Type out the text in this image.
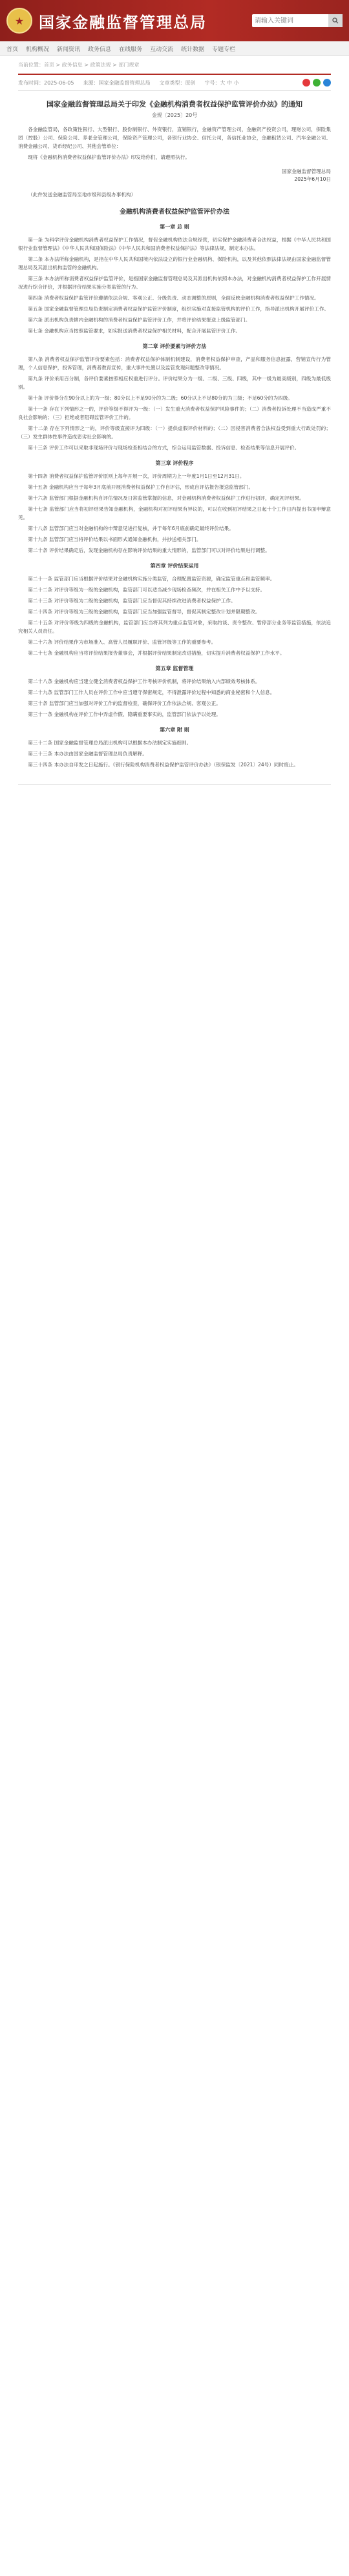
★ 国家金融监督管理总局
请输入关键词
首页 机构概况 新闻资讯 政务信息 在线服务 互动交流 统计数据 专题专栏
当前位置：首页 > 政务信息 > 政策法规 > 部门规章
发布时间：2025-06-05 来源：国家金融监督管理总局 文章类型：原创 字号：大 中 小
国家金融监督管理总局关于印发《金融机构消费者权益保护监管评价办法》的通知
金规〔2025〕20号

各金融监管局，各政策性银行、大型银行、股份制银行、外资银行，直销银行，金融资产管理公司，金融资产投资公司，理财公司，保险集团（控股）公司、保险公司、养老金管理公司，保险资产管理公司，各银行业协会、信托公司，各信托业协会，金融租赁公司、汽车金融公司、消费金融公司、货币经纪公司、其他会管单位：

现将《金融机构消费者权益保护监管评价办法》印发给你们，请遵照执行。

国家金融监督管理总局
2025年6月10日
（此件发送金融监管局至地市级和县级办事机构）
金融机构消费者权益保护监管评价办法
第一章 总 则

第一条 为科学评价金融机构消费者权益保护工作情况，督促金融机构依法合规经营，切实保护金融消费者合法权益，根据《中华人民共和国银行业监督管理法》《中华人民共和国保险法》《中华人民共和国消费者权益保护法》等法律法规，制定本办法。

第二条 本办法所称金融机构，是指在中华人民共和国境内依法设立的银行业金融机构、保险机构，以及其他依照法律法规由国家金融监督管理总局及其派出机构监管的金融机构。

第三条 本办法所称消费者权益保护监管评价，是指国家金融监督管理总局及其派出机构依照本办法，对金融机构消费者权益保护工作开展情况进行综合评价，并根据评价结果实施分类监管的行为。

第四条 消费者权益保护监管评价遵循依法合规、客观公正、分级负责、动态调整的原则，全面反映金融机构消费者权益保护工作情况。

第五条 国家金融监督管理总局负责制定消费者权益保护监管评价制度，组织实施对直接监管机构的评价工作，指导派出机构开展评价工作。

第六条 派出机构负责辖内金融机构的消费者权益保护监管评价工作，并将评价结果报送上级监管部门。

第七条 金融机构应当按照监管要求，如实报送消费者权益保护相关材料，配合开展监管评价工作。

第二章 评价要素与评价方法

第八条 消费者权益保护监管评价要素包括：消费者权益保护体制机制建设，消费者权益保护审查，产品和服务信息披露，营销宣传行为管理，个人信息保护，投诉管理，消费者教育宣传，重大事件处置以及监管发现问题整改等情况。

第九条 评价采用百分制，各评价要素按照相应权重进行评分。评价结果分为一级、二级、三级、四级，其中一级为最高级别，四级为最低级别。

第十条 评价得分在90分以上的为一级；80分以上不足90分的为二级；60分以上不足80分的为三级；不足60分的为四级。

第十一条 存在下列情形之一的，评价等级不得评为一级：（一）发生重大消费者权益保护风险事件的；（二）消费者投诉处理不当造成严重不良社会影响的；（三）拒绝或者阻碍监管评价工作的。

第十二条 存在下列情形之一的，评价等级直接评为四级：（一）提供虚假评价材料的；（二）因侵害消费者合法权益受到重大行政处罚的；（三）发生群体性事件造成恶劣社会影响的。

第十三条 评价工作可以采取非现场评价与现场检查相结合的方式，综合运用监管数据、投诉信息、检查结果等信息开展评价。

第三章 评价程序

第十四条 消费者权益保护监管评价原则上每年开展一次，评价周期为上一年度1月1日至12月31日。

第十五条 金融机构应当于每年3月底前开展消费者权益保护工作自评估，形成自评估报告报送监管部门。

第十六条 监管部门根据金融机构自评估情况及日常监管掌握的信息，对金融机构消费者权益保护工作进行初评，确定初评结果。

第十七条 监管部门应当将初评结果告知金融机构，金融机构对初评结果有异议的，可以在收到初评结果之日起十个工作日内提出书面申辩意见。

第十八条 监管部门应当对金融机构的申辩意见进行复核，并于每年6月底前确定最终评价结果。

第十九条 监管部门应当将评价结果以书面形式通知金融机构，并抄送相关部门。

第二十条 评价结果确定后，发现金融机构存在影响评价结果的重大情形的，监管部门可以对评价结果进行调整。

第四章 评价结果运用

第二十一条 监管部门应当根据评价结果对金融机构实施分类监管，合理配置监管资源，确定监管重点和监管频率。

第二十二条 对评价等级为一级的金融机构，监管部门可以适当减少现场检查频次，并在相关工作中予以支持。

第二十三条 对评价等级为二级的金融机构，监管部门应当督促其持续改进消费者权益保护工作。

第二十四条 对评价等级为三级的金融机构，监管部门应当加强监管督导，督促其制定整改计划并限期整改。

第二十五条 对评价等级为四级的金融机构，监管部门应当将其列为重点监管对象，采取约谈、责令整改、暂停部分业务等监管措施，依法追究相关人员责任。

第二十六条 评价结果作为市场准入、高管人员履职评价、监管评级等工作的重要参考。

第二十七条 金融机构应当将评价结果报告董事会，并根据评价结果制定改进措施，切实提升消费者权益保护工作水平。

第五章 监督管理

第二十八条 金融机构应当建立健全消费者权益保护工作考核评价机制，将评价结果纳入内部绩效考核体系。

第二十九条 监管部门工作人员在评价工作中应当遵守保密规定，不得泄露评价过程中知悉的商业秘密和个人信息。

第三十条 监管部门应当加强对评价工作的监督检查，确保评价工作依法合规、客观公正。

第三十一条 金融机构在评价工作中弄虚作假、隐瞒重要事实的，监管部门依法予以处理。

第六章 附 则

第三十二条 国家金融监督管理总局派出机构可以根据本办法制定实施细则。

第三十三条 本办法由国家金融监督管理总局负责解释。

第三十四条 本办法自印发之日起施行。《银行保险机构消费者权益保护监管评价办法》（银保监发〔2021〕24号）同时废止。
